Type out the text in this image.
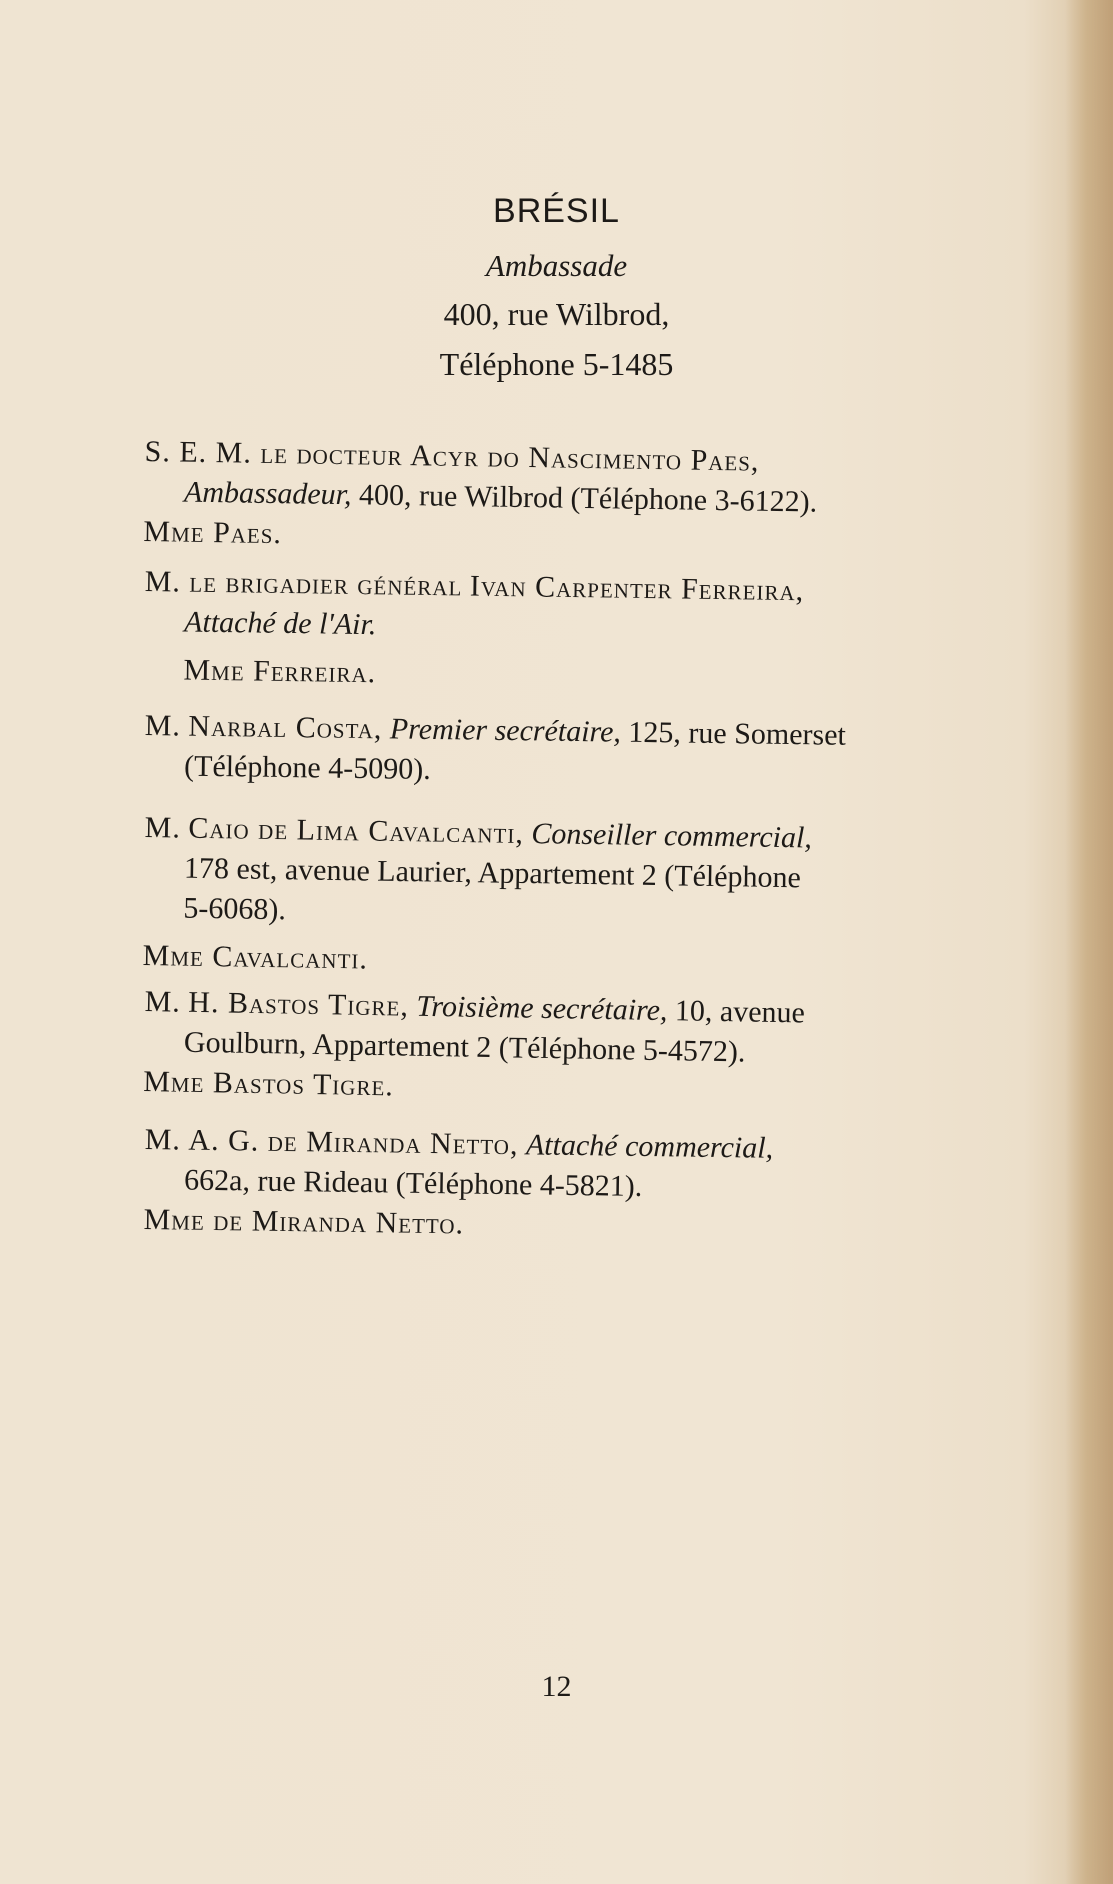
BRÉSIL
Ambassade
400, rue Wilbrod,
Téléphone 5-1485
S. E. M. le docteur Acyr do Nascimento Paes,
Ambassadeur, 400, rue Wilbrod (Téléphone 3-6122).
Mme Paes.
M. le brigadier général Ivan Carpenter Ferreira,
Attaché de l'Air.
Mme Ferreira.
M. Narbal Costa, Premier secrétaire, 125, rue Somerset
(Téléphone 4-5090).
M. Caio de Lima Cavalcanti, Conseiller commercial,
178 est, avenue Laurier, Appartement 2 (Téléphone
5-6068).
Mme Cavalcanti.
M. H. Bastos Tigre, Troisième secrétaire, 10, avenue
Goulburn, Appartement 2 (Téléphone 5-4572).
Mme Bastos Tigre.
M. A. G. de Miranda Netto, Attaché commercial,
662a, rue Rideau (Téléphone 4-5821).
Mme de Miranda Netto.
12
